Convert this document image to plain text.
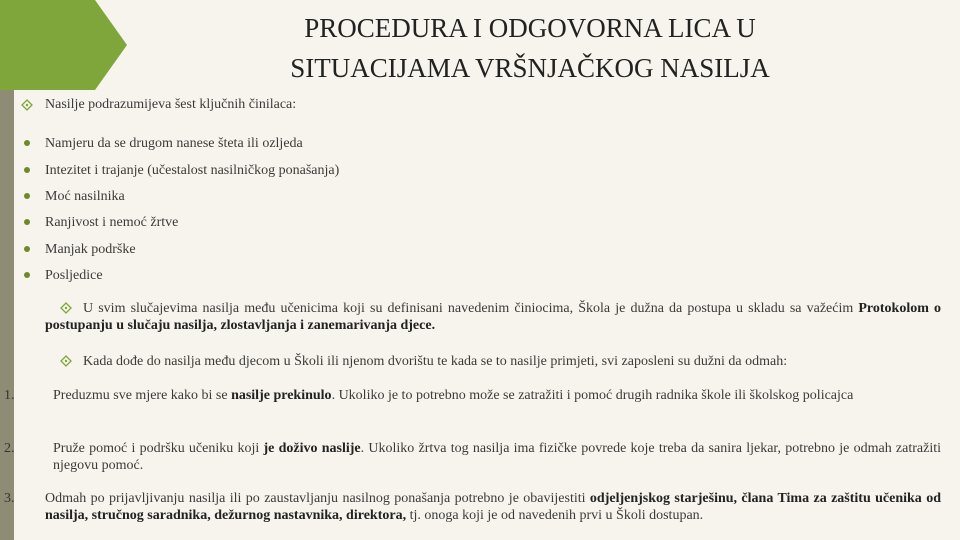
PROCEDURA I ODGOVORNA LICA U
SITUACIJAMA VRŠNJAČKOG NASILJA
Nasilje podrazumijeva šest ključnih činilaca:
Namjeru da se drugom nanese šteta ili ozljeda
Intezitet i trajanje (učestalost nasilničkog ponašanja)
Moć nasilnika
Ranjivost i nemoć žrtve
Manjak podrške
Posljedice
U svim slučajevima nasilja među učenicima koji su definisani navedenim činiocima, Škola je dužna da postupa u skladu sa važećim Protokolom o postupanju u slučaju nasilja, zlostavljanja i zanemarivanja djece.
Kada dođe do nasilja među djecom u Školi ili njenom dvorištu te kada se to nasilje primjeti, svi zaposleni su dužni da odmah:
1.	Preduzmu sve mjere kako bi se nasilje prekinulo. Ukoliko je to potrebno može se zatražiti i pomoć drugih radnika škole ili školskog policajca
2.	Pruže pomoć i podršku učeniku koji je doživo naslije. Ukoliko žrtva tog nasilja ima fizičke povrede koje treba da sanira ljekar, potrebno je odmah zatražiti njegovu pomoć.
3. Odmah po prijavljivanju nasilja ili po zaustavljanju nasilnog ponašanja potrebno je obavijestiti odjeljenjskog starješinu, člana Tima za zaštitu učenika od nasilja, stručnog saradnika, dežurnog nastavnika, direktora, tj. onoga koji je od navedenih prvi u Školi dostupan.
